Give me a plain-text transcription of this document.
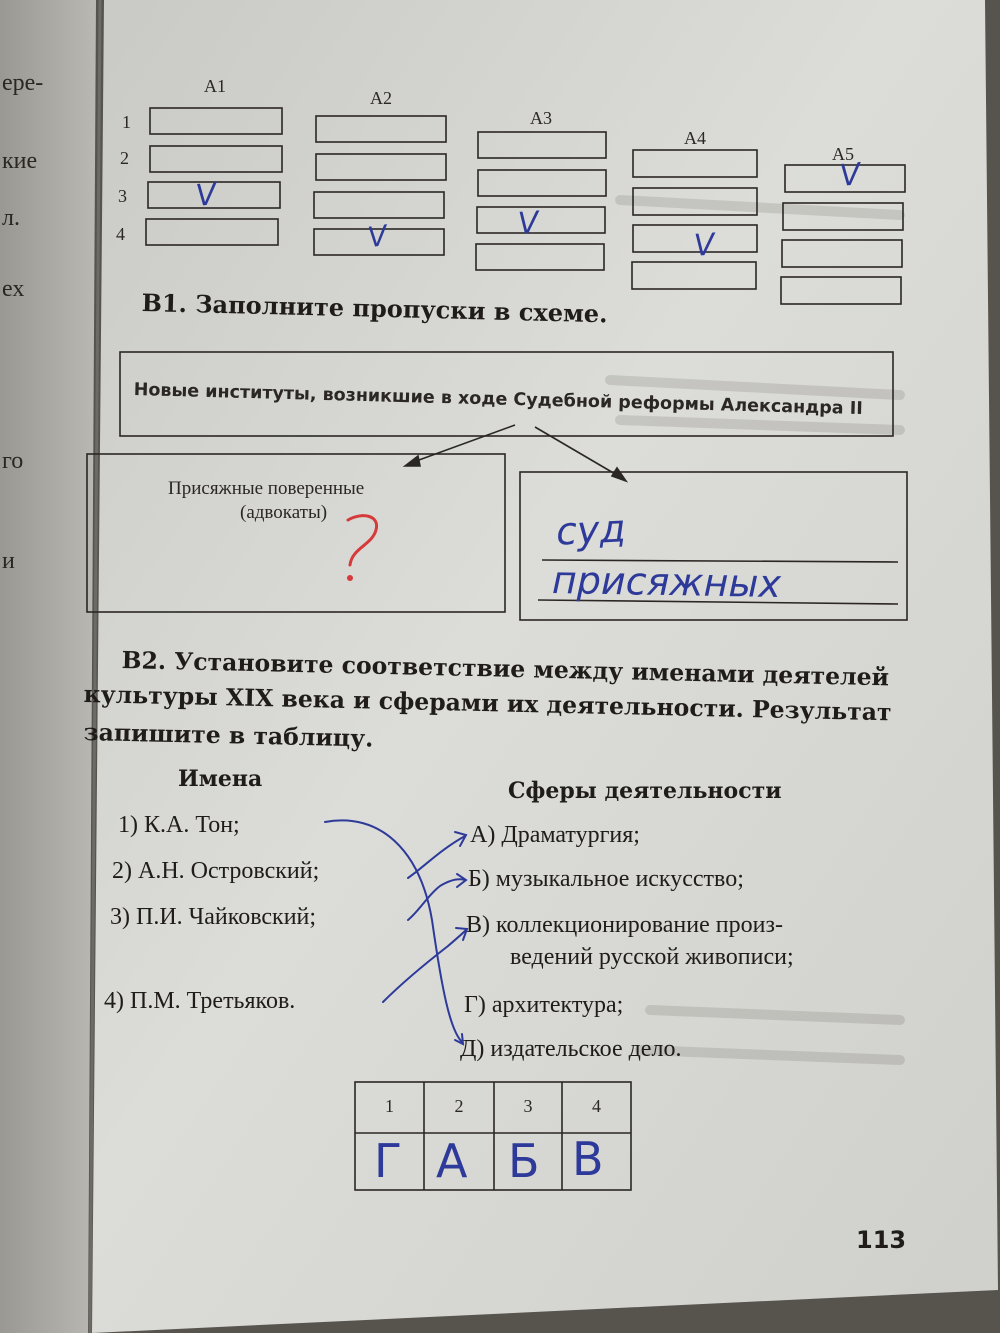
ере-
кие
л.
ех
го
и
A1
A2
A3
A4
A5
1
2
3
4
V
V	V
V
V
В1. Заполните пропуски в схеме.
Новые институты, возникшие в ходе Судебной реформы Александра II
Присяжные поверенные
(адвокаты)	суд
присяжных
В2. Установите соответствие между именами деятелей
культуры XIX века и сферами их деятельности. Результат
запишите в таблицу.
Имена	Сферы деятельности
1) К.А. Тон;
2) А.Н. Островский;
3) П.И. Чайковский;
4) П.М. Третьяков.
А) Драматургия;
Б) музыкальное искусство;
В) коллекционирование произ-
ведений русской живописи;
Г) архитектура;
Д) издательское дело.
1	2	3	4
Г А Б В
113
